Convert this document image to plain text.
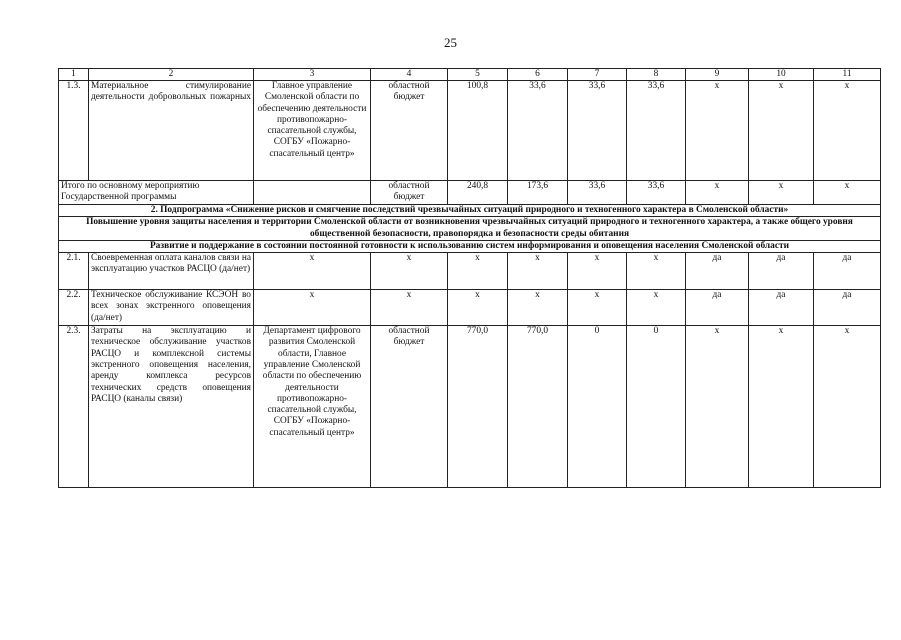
25
1	2	3	4	5	6	7	8	9	10	11
1.3.	Материальное стимулирование деятельности добровольных пожарных	Главное управление Смоленской области по обеспечению деятельности противопожарно-спасательной службы, СОГБУ «Пожарно-спасательный центр»	областной бюджет	100,8	33,6	33,6	33,6	х	х	х
Итого по основному мероприятию Государственной программы			областной бюджет	240,8	173,6	33,6	33,6	х	х	х
2. Подпрограмма «Снижение рисков и смягчение последствий чрезвычайных ситуаций природного и техногенного характера в Смоленской области»										
Повышение уровня защиты населения и территории Смоленской области от возникновения чрезвычайных ситуаций природного и техногенного характера, а также общего уровня общественной безопасности, правопорядка и безопасности среды обитания										
Развитие и поддержание в состоянии постоянной готовности к использованию систем информирования и оповещения населения Смоленской области										
2.1.	Своевременная оплата каналов связи на эксплуатацию участков РАСЦО (да/нет)	х	х	х	х	х	х	да	да	да
2.2.	Техническое обслуживание КСЭОН во всех зонах экстренного оповещения (да/нет)	х	х	х	х	х	х	да	да	да
2.3.	Затраты на эксплуатацию и техническое обслуживание участков РАСЦО и комплексной системы экстренного оповещения населения, аренду комплекса ресурсов технических средств оповещения РАСЦО (каналы связи)	Департамент цифрового развития Смоленской области, Главное управление Смоленской области по обеспечению деятельности противопожарно-спасательной службы, СОГБУ «Пожарно-спасательный центр»	областной бюджет	770,0	770,0	0	0	х	х	х
